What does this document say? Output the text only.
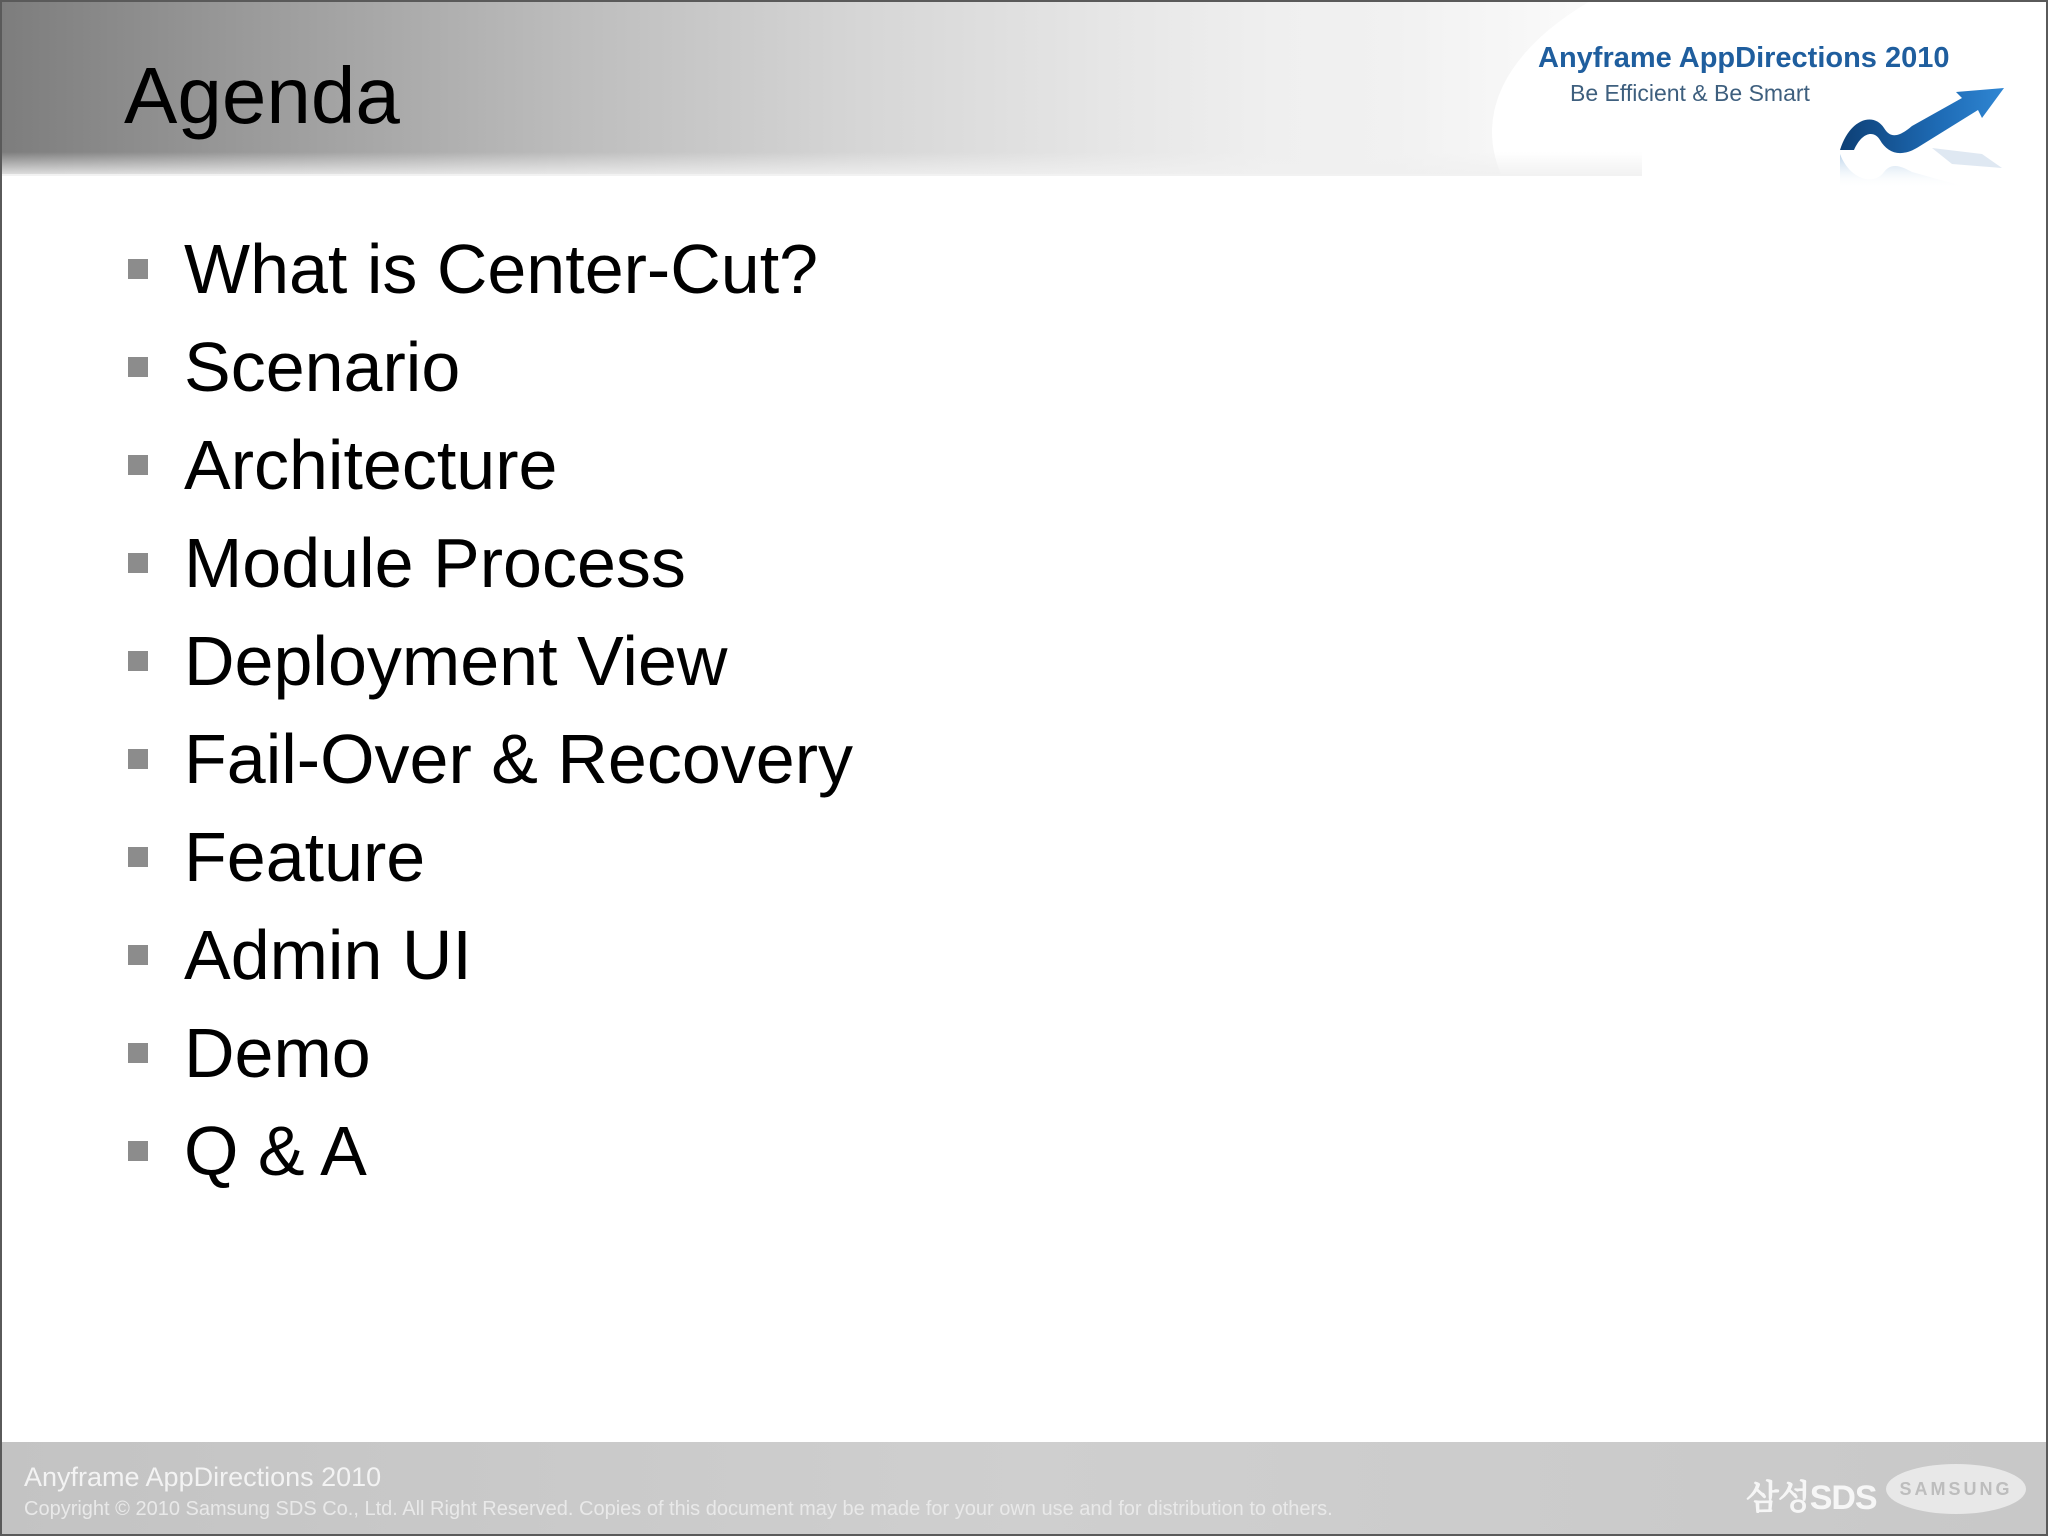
Agenda	Anyframe AppDirections 2010
Be Efficient & Be Smart
What is Center-Cut?
Scenario
Architecture
Module Process
Deployment View
Fail-Over & Recovery
Feature
Admin UI
Demo
Q & A
Anyframe AppDirections 2010
Copyright © 2010 Samsung SDS Co., Ltd. All Right Reserved. Copies of this document may be made for your own use and for distribution to others.	삼성SDS SAMSUNG
